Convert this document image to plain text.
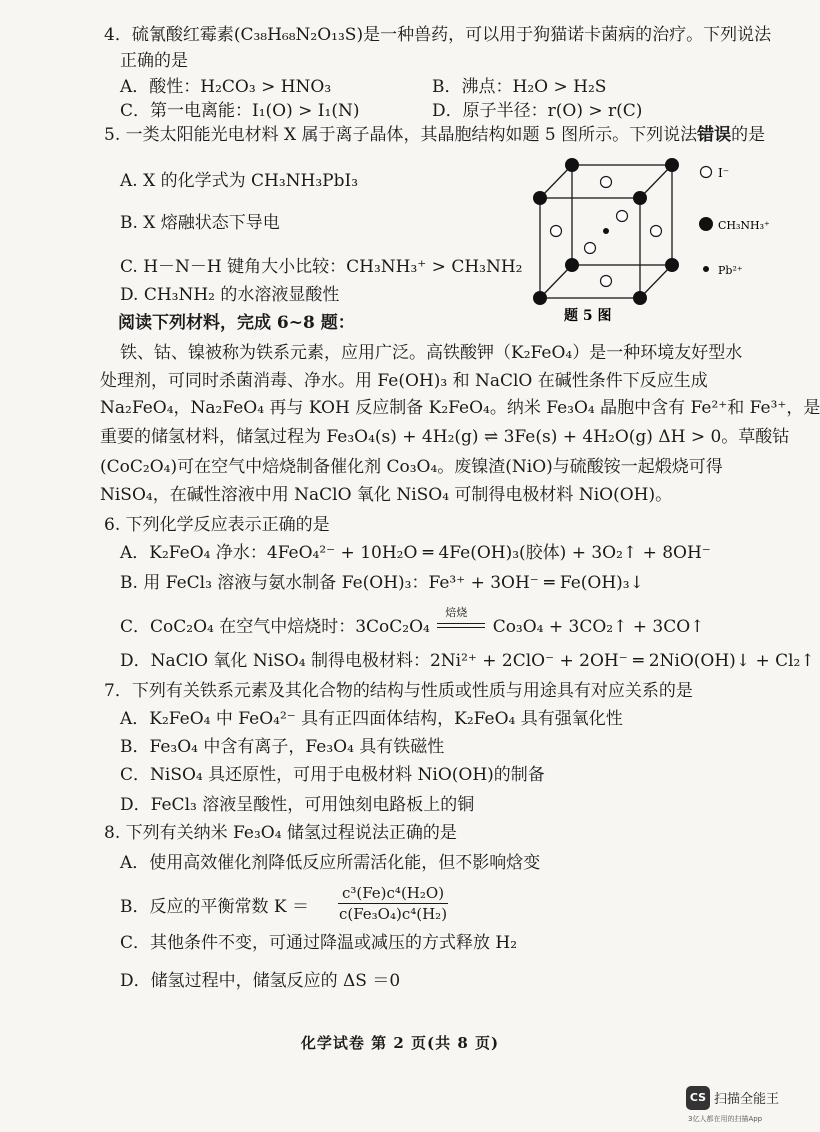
4．硫氰酸红霉素(C₃₈H₆₈N₂O₁₃S)是一种兽药，可以用于狗猫诺卡菌病的治疗。下列说法
正确的是
A．酸性：H₂CO₃ > HNO₃	B．沸点：H₂O > H₂S
C．第一电离能：I₁(O) > I₁(N)	D．原子半径：r(O) > r(C)
5. 一类太阳能光电材料 X 属于离子晶体，其晶胞结构如题 5 图所示。下列说法错误的是
A. X 的化学式为 CH₃NH₃PbI₃
B. X 熔融状态下导电
C. H－N－H 键角大小比较：CH₃NH₃⁺ > CH₃NH₂
D. CH₃NH₂ 的水溶液显酸性
I⁻
CH₃NH₃⁺
Pb²⁺
题 5 图
阅读下列材料，完成 6~8 题：
铁、钴、镍被称为铁系元素，应用广泛。高铁酸钾（K₂FeO₄）是一种环境友好型水
处理剂，可同时杀菌消毒、净水。用 Fe(OH)₃ 和 NaClO 在碱性条件下反应生成
Na₂FeO₄，Na₂FeO₄ 再与 KOH 反应制备 K₂FeO₄。纳米 Fe₃O₄ 晶胞中含有 Fe²⁺和 Fe³⁺，是
重要的储氢材料，储氢过程为 Fe₃O₄(s) + 4H₂(g) ⇌ 3Fe(s) + 4H₂O(g) ΔH > 0。草酸钴
(CoC₂O₄)可在空气中焙烧制备催化剂 Co₃O₄。废镍渣(NiO)与硫酸铵一起煅烧可得
NiSO₄，在碱性溶液中用 NaClO 氧化 NiSO₄ 可制得电极材料 NiO(OH)。
6. 下列化学反应表示正确的是
A．K₂FeO₄ 净水：4FeO₄²⁻ + 10H₂O ═ 4Fe(OH)₃(胶体) + 3O₂↑ + 8OH⁻
B. 用 FeCl₃ 溶液与氨水制备 Fe(OH)₃：Fe³⁺ + 3OH⁻ ═ Fe(OH)₃↓
C．CoC₂O₄ 在空气中焙烧时：3CoC₂O₄
焙烧
Co₃O₄ + 3CO₂↑ + 3CO↑
D．NaClO 氧化 NiSO₄ 制得电极材料：2Ni²⁺ + 2ClO⁻ + 2OH⁻ ═ 2NiO(OH)↓ + Cl₂↑
7．下列有关铁系元素及其化合物的结构与性质或性质与用途具有对应关系的是
A．K₂FeO₄ 中 FeO₄²⁻ 具有正四面体结构，K₂FeO₄ 具有强氧化性
B．Fe₃O₄ 中含有离子，Fe₃O₄ 具有铁磁性
C．NiSO₄ 具还原性，可用于电极材料 NiO(OH)的制备
D．FeCl₃ 溶液呈酸性，可用蚀刻电路板上的铜
8. 下列有关纳米 Fe₃O₄ 储氢过程说法正确的是
A．使用高效催化剂降低反应所需活化能，但不影响焓变
B．反应的平衡常数 $K = \frac{\text{c³(Fe)c⁴(H₂O)}}{\text{c(Fe₃O₄)c⁴(H₂)}}$
C．其他条件不变，可通过降温或减压的方式释放 H₂
D．储氢过程中，储氢反应的 ΔS ＝0
化学试卷 第 2 页(共 8 页)
CS 扫描全能王
3亿人都在用的扫描App
